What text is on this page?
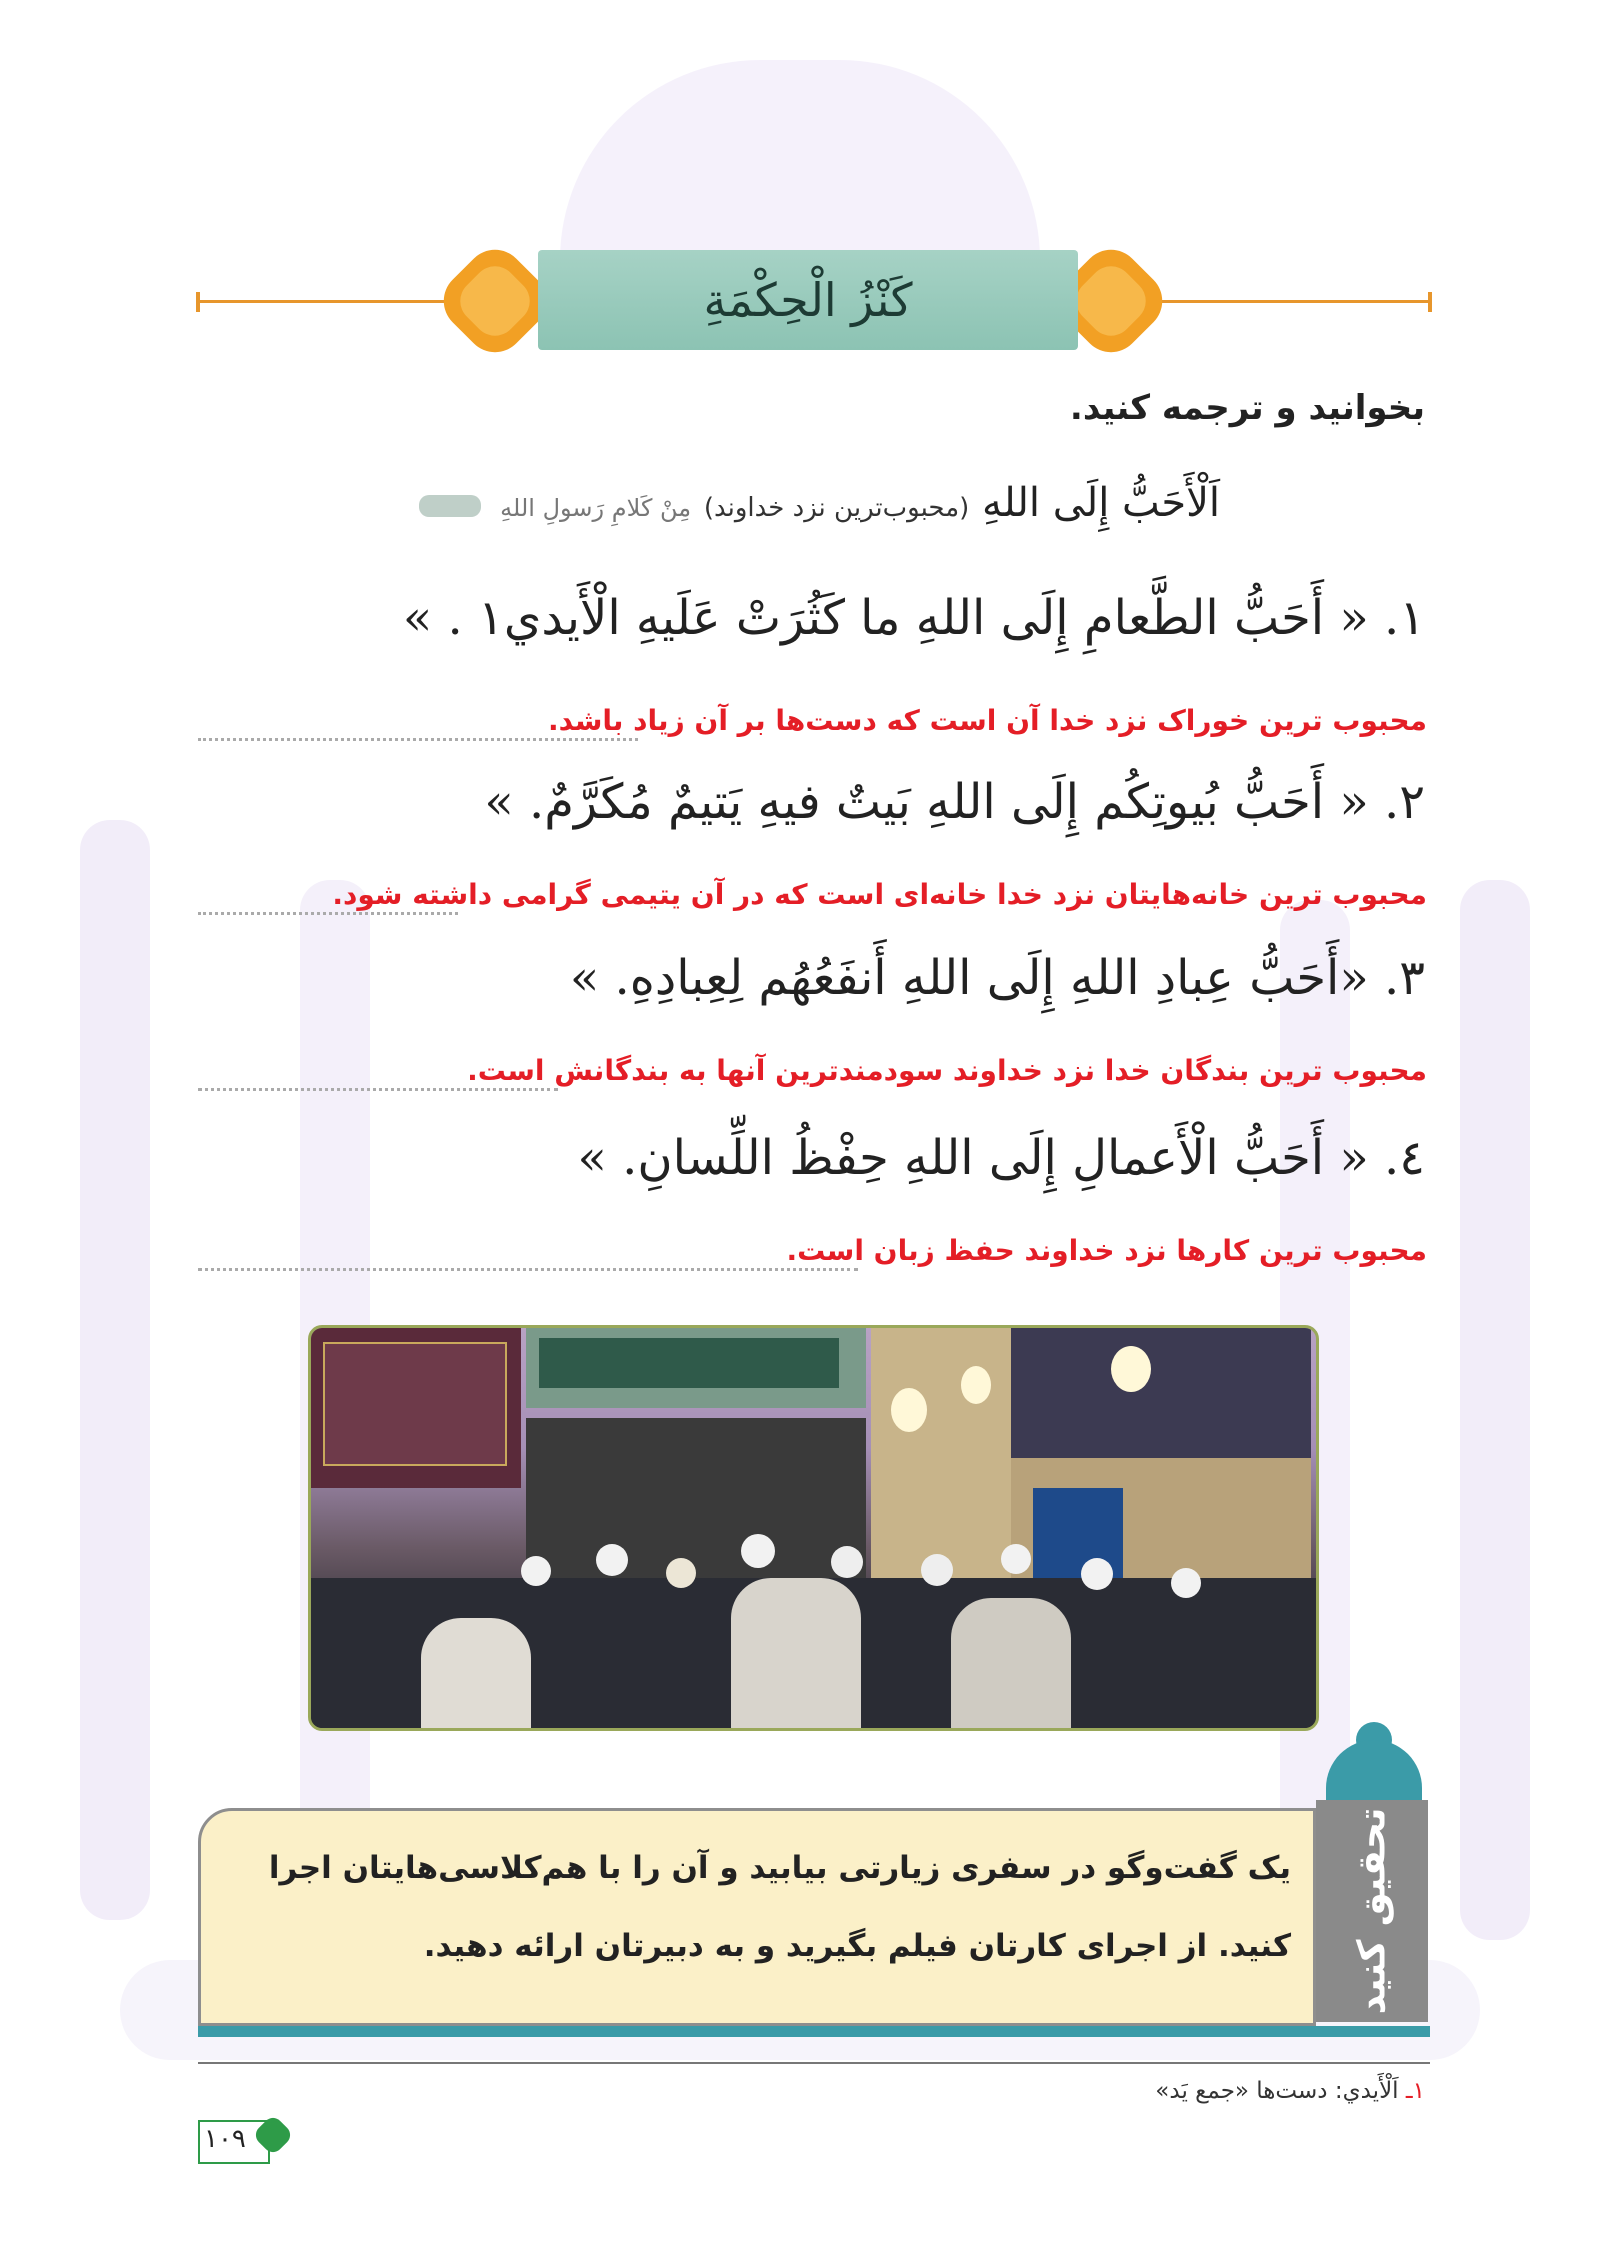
كَنْزُ الْحِكْمَةِ
بخوانید و ترجمه کنید.
اَلْأَحَبُّ إِلَى اللهِ (محبوب‌ترین نزد خداوند) مِنْ كَلامِ رَسولِ اللهِ
١. « أَحَبُّ الطَّعامِ إِلَى اللهِ ما كَثُرَتْ عَلَيهِ الْأَيدي١ . »
محبوب ترین خوراک نزد خدا آن است که دست‌ها بر آن زیاد باشد.
٢. « أَحَبُّ بُيوتِكُم إِلَى اللهِ بَيتٌ فيهِ يَتيمٌ مُكَرَّمٌ. »
محبوب ترین خانه‌هایتان نزد خدا خانه‌ای است که در آن یتیمی گرامی داشته شود.
٣. «أَحَبُّ عِبادِ اللهِ إِلَى اللهِ أَنفَعُهُم لِعِبادِهِ. »
محبوب ترین بندگان خدا نزد خداوند سودمندترین آنها به بندگانش است.
٤. « أَحَبُّ الْأَعمالِ إِلَى اللهِ حِفْظُ اللِّسانِ. »
محبوب ترین کارها نزد خداوند حفظ زبان است.
یک گفت‌وگو در سفری زیارتی بیابید و آن را با هم‌کلاسی‌هایتان اجرا کنید. از اجرای کارتان فیلم بگیرید و به دبیرتان ارائه دهید. تحقیق کنید
١ـ اَلْأَيدي: دست‌ها «جمع يَد»
١٠٩
